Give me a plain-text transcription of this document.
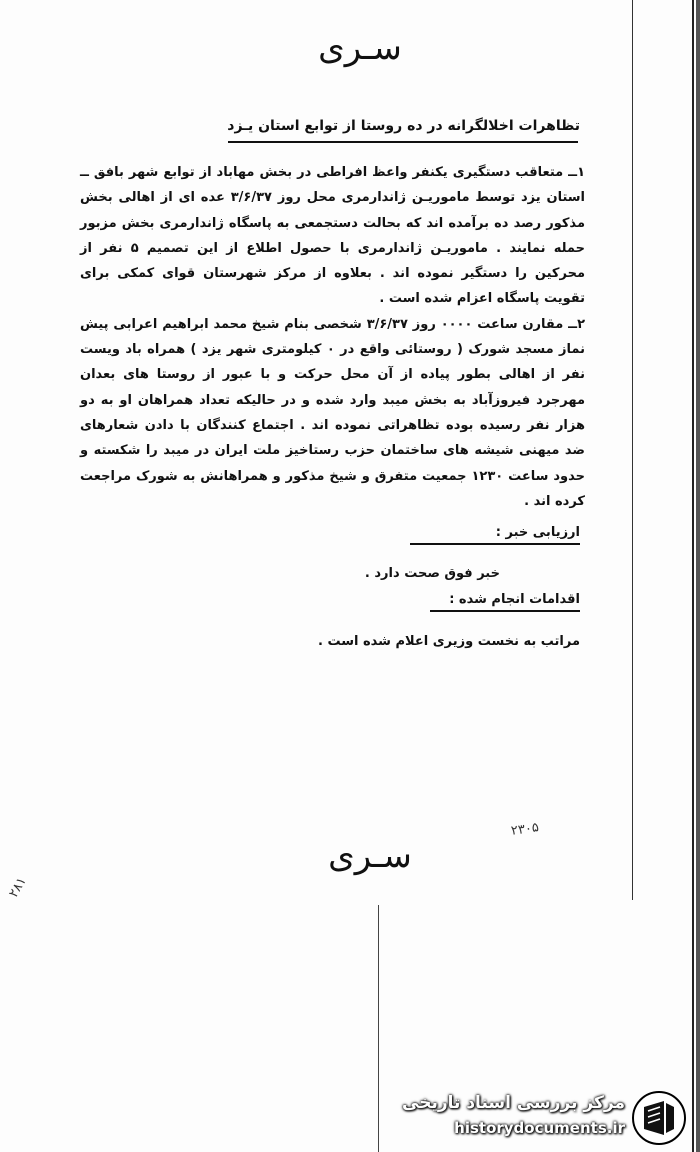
سـری
تظاهرات اخلالگرانه در ده روستا از توابع استان یـزد

۱ــ متعاقب دستگیری یکنفر واعظ افراطی در بخش مهاباد از توابع شهر بافق ــ استان یزد توسط ماموریـن ژاندارمری محل روز ۳/۶/۳۷ عده ای از اهالی بخش مذکور رصد ده برآمده اند که بحالت دستجمعی به پاسگاه ژاندارمری بخش مزبور حمله نمایند . ماموریـن ژاندارمری با حصول اطلاع از این تصمیم ۵ نفر از محرکین را دستگیر نموده اند . بعلاوه از مرکز شهرستان قوای کمکی برای تقویت پاسگاه اعزام شده است .

۲ــ مقارن ساعت ۰۰۰۰ روز ۳/۶/۳۷ شخصی بنام شیخ محمد ابراهیم اعرابی پیش نماز مسجد شورک ( روستائی واقع در ۰ کیلومتری شهر یزد ) همراه باد ویست نفر از اهالی بطور پیاده از آن محل حرکت و با عبور از روستا های بعدان مهرجرد فیروزآباد به بخش میبد وارد شده و در حالیکه تعداد همراهان او به دو هزار نفر رسیده بوده تظاهراتی نموده اند . اجتماع کنندگان با دادن شعارهای ضد میهنی شیشه های ساختمان حزب رستاخیز ملت ایران در میبد را شکسته و حدود ساعت ۱۲۳۰ جمعیت متفرق و شیخ مذکور و همراهانش به شورک مراجعت کرده اند .

ارزیابی خبر :
خبر فوق صحت دارد .
اقدامات انجام شده :
مراتب به نخست وزیری اعلام شده است .
۲۳۰۵
۲۸۱
سـری
مرکز بررسی اسناد تاریخی
historydocuments.ir
